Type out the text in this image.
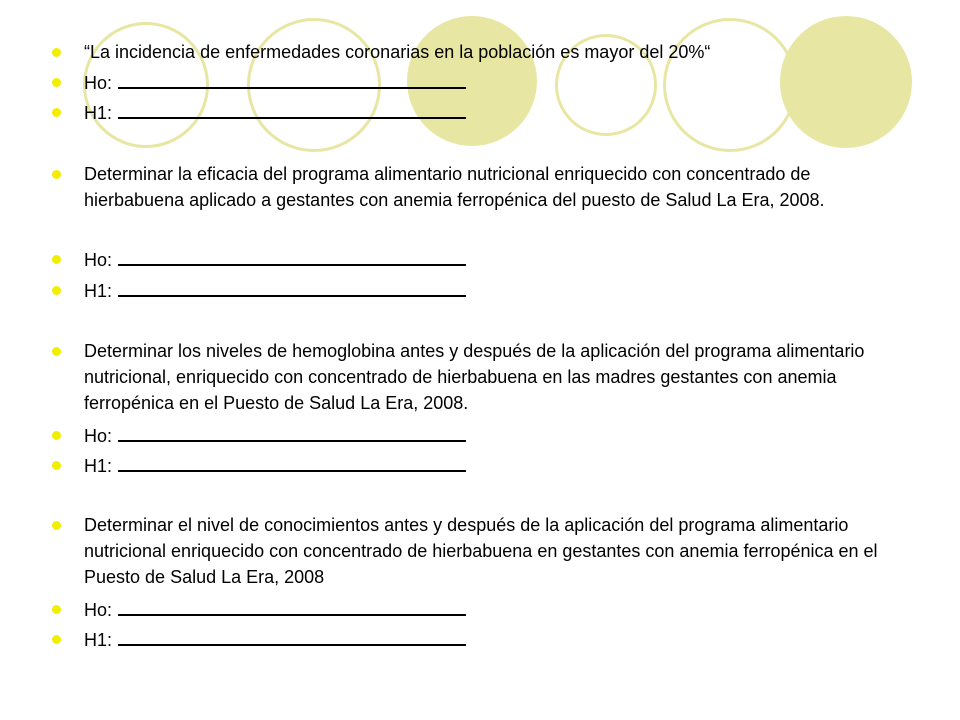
“La incidencia de enfermedades coronarias en la población es mayor del 20%“
Ho:
H1:
Determinar la eficacia del programa alimentario nutricional enriquecido con concentrado de hierbabuena aplicado a gestantes con anemia ferropénica del puesto de Salud La Era, 2008.
Ho:
H1:
Determinar los niveles de hemoglobina antes y después de la aplicación del programa alimentario nutricional, enriquecido con concentrado de hierbabuena en las madres gestantes con anemia ferropénica en el Puesto de Salud La Era, 2008.
Ho:
H1:
Determinar el nivel de conocimientos antes y después de la aplicación del programa alimentario nutricional enriquecido con concentrado de hierbabuena en gestantes con anemia ferropénica en el Puesto de Salud La Era, 2008
Ho:
H1:
